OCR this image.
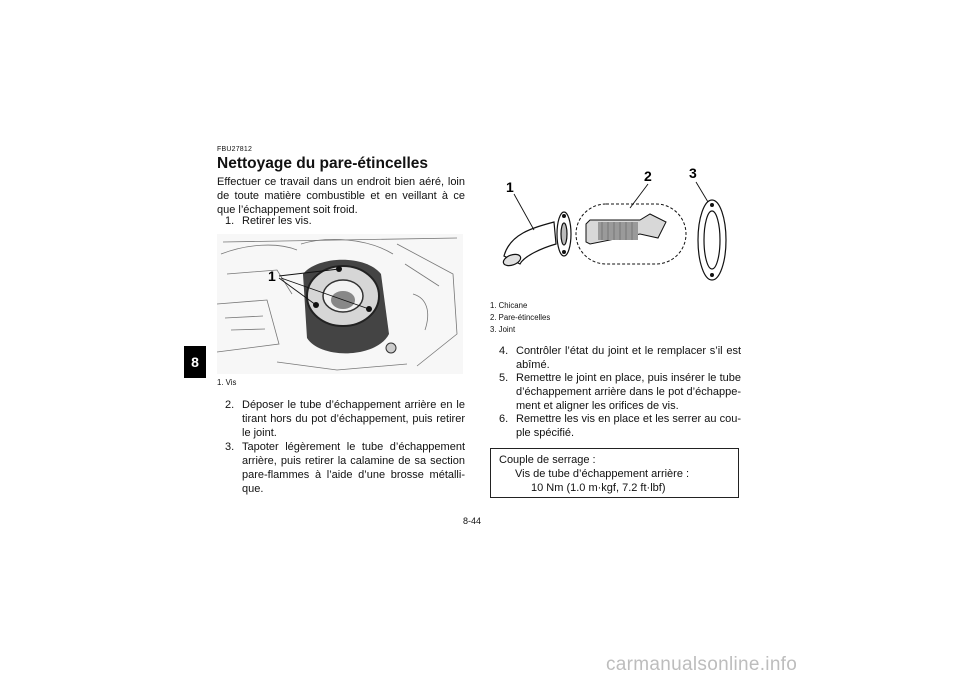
8
FBU27812
Nettoyage du pare-étincelles
Effectuer ce travail dans un endroit bien aéré, loin de toute matière combustible et en veillant à ce que l’échappement soit froid.
1. Retirer les vis.
1
1. Vis
2. Déposer le tube d’échappement arrière en le tirant hors du pot d’échappement, puis retirer le joint.
3. Tapoter légèrement le tube d’échappement arrière, puis retirer la calamine de sa section pare-flammes à l’aide d’une brosse métalli-que.
1
2	3
1. Chicane
2. Pare-étincelles
3. Joint
4. Contrôler l’état du joint et le remplacer s’il est abîmé.
5. Remettre le joint en place, puis insérer le tube d’échappement arrière dans le pot d’échappe-ment et aligner les orifices de vis.
6. Remettre les vis en place et les serrer au cou-ple spécifié.
Couple de serrage :
Vis de tube d’échappement arrière :
10 Nm (1.0 m·kgf, 7.2 ft·lbf)
8-44
carmanualsonline.info
